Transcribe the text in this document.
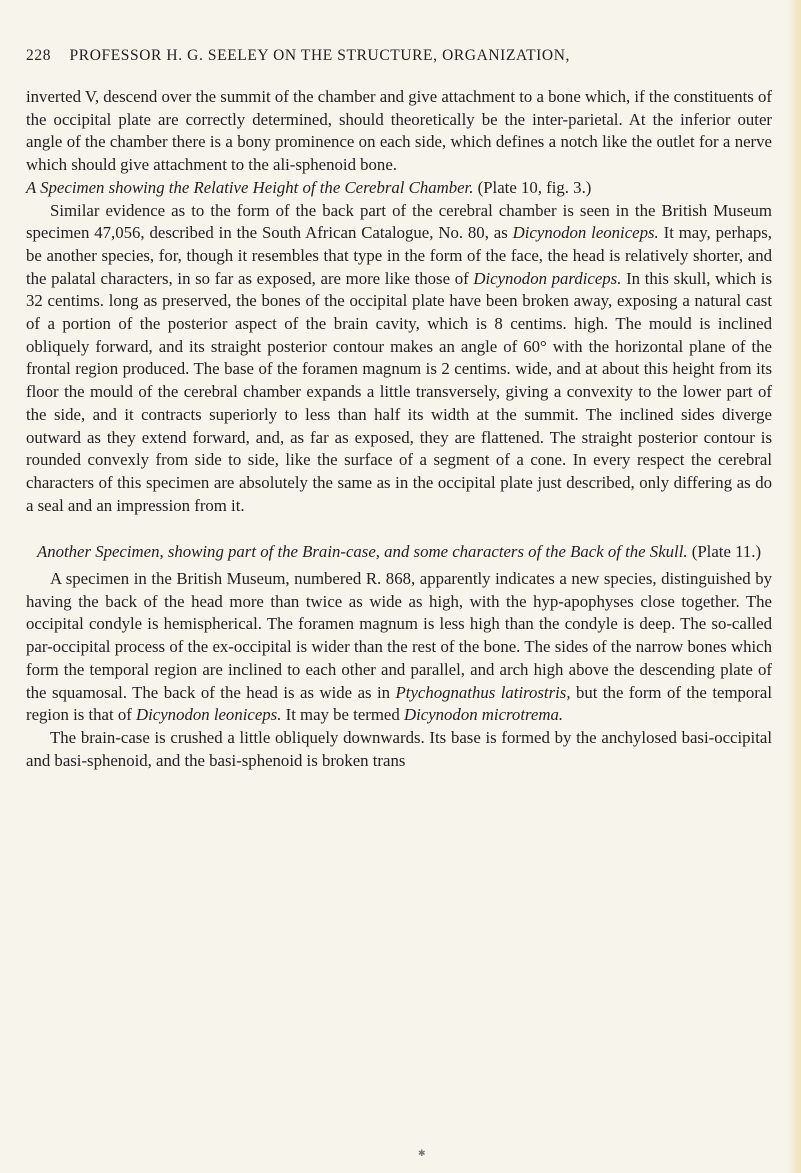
228 PROFESSOR H. G. SEELEY ON THE STRUCTURE, ORGANIZATION,

inverted V, descend over the summit of the chamber and give attachment to a bone which, if the constituents of the occipital plate are correctly determined, should theoretically be the inter-parietal. At the inferior outer angle of the chamber there is a bony prominence on each side, which defines a notch like the outlet for a nerve which should give attachment to the ali-sphenoid bone.

A Specimen showing the Relative Height of the Cerebral Chamber. (Plate 10, fig. 3.)

Similar evidence as to the form of the back part of the cerebral chamber is seen in the British Museum specimen 47,056, described in the South African Catalogue, No. 80, as Dicynodon leoniceps. It may, perhaps, be another species, for, though it resembles that type in the form of the face, the head is relatively shorter, and the palatal characters, in so far as exposed, are more like those of Dicynodon pardiceps. In this skull, which is 32 centims. long as preserved, the bones of the occipital plate have been broken away, exposing a natural cast of a portion of the posterior aspect of the brain cavity, which is 8 centims. high. The mould is inclined obliquely forward, and its straight posterior contour makes an angle of 60° with the horizontal plane of the frontal region produced. The base of the foramen magnum is 2 centims. wide, and at about this height from its floor the mould of the cerebral chamber expands a little transversely, giving a convexity to the lower part of the side, and it contracts superiorly to less than half its width at the summit. The inclined sides diverge outward as they extend forward, and, as far as exposed, they are flattened. The straight posterior contour is rounded convexly from side to side, like the surface of a segment of a cone. In every respect the cerebral characters of this specimen are absolutely the same as in the occipital plate just described, only differing as do a seal and an impression from it.

Another Specimen, showing part of the Brain-case, and some characters of the Back of the Skull. (Plate 11.)

A specimen in the British Museum, numbered R. 868, apparently indicates a new species, distinguished by having the back of the head more than twice as wide as high, with the hyp-apophyses close together. The occipital condyle is hemispherical. The foramen magnum is less high than the condyle is deep. The so-called par-occipital process of the ex-occipital is wider than the rest of the bone. The sides of the narrow bones which form the temporal region are inclined to each other and parallel, and arch high above the descending plate of the squamosal. The back of the head is as wide as in Ptychognathus latirostris, but the form of the temporal region is that of Dicynodon leoniceps. It may be termed Dicynodon microtrema.

The brain-case is crushed a little obliquely downwards. Its base is formed by the anchylosed basi-occipital and basi-sphenoid, and the basi-sphenoid is broken trans

✱
